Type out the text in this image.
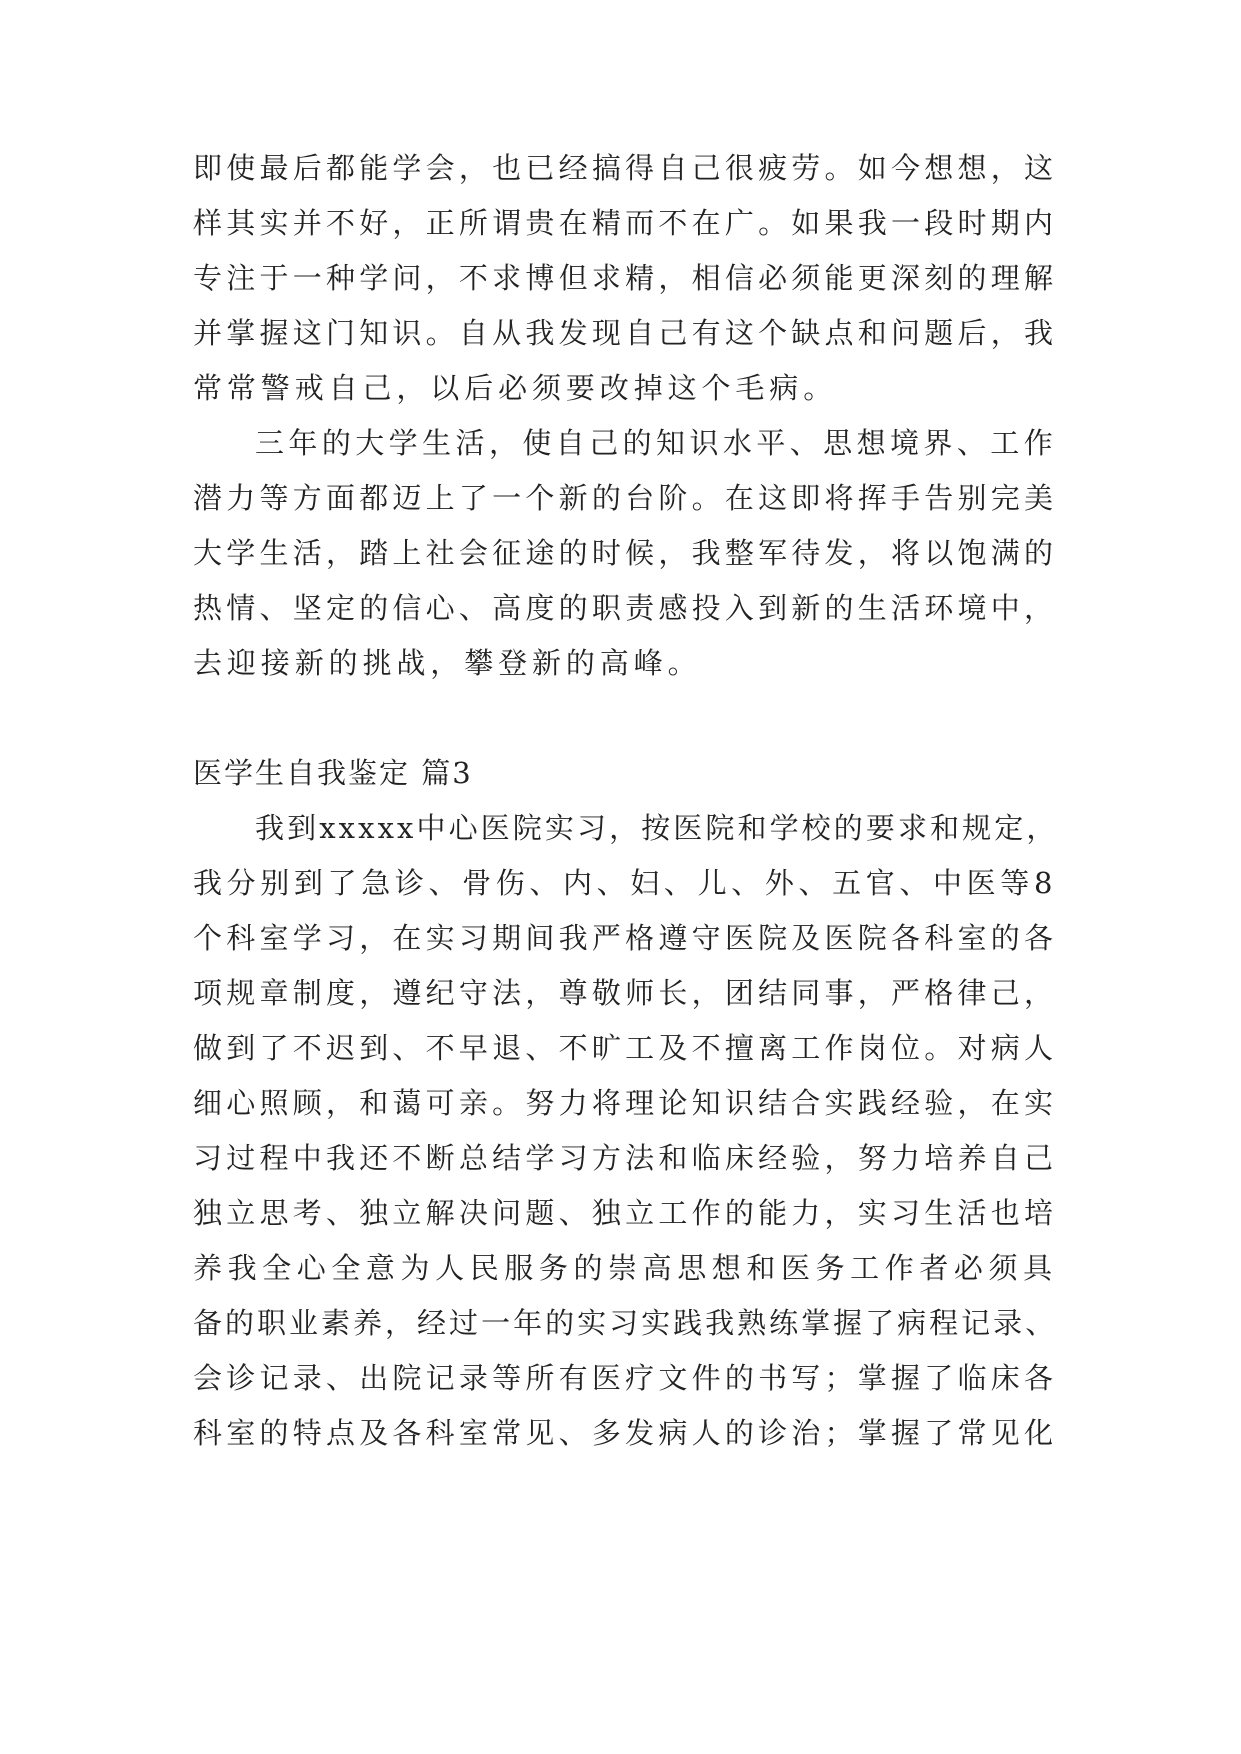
即使最后都能学会，也已经搞得自己很疲劳。如今想想，这
样其实并不好，正所谓贵在精而不在广。如果我一段时期内
专注于一种学问，不求博但求精，相信必须能更深刻的理解
并掌握这门知识。自从我发现自己有这个缺点和问题后，我
常常警戒自己，以后必须要改掉这个毛病。
三年的大学生活，使自己的知识水平、思想境界、工作
潜力等方面都迈上了一个新的台阶。在这即将挥手告别完美
大学生活，踏上社会征途的时候，我整军待发，将以饱满的
热情、坚定的信心、高度的职责感投入到新的生活环境中，
去迎接新的挑战，攀登新的高峰。
医学生自我鉴定 篇3
我到xxxxx中心医院实习，按医院和学校的要求和规定，
我分别到了急诊、骨伤、内、妇、儿、外、五官、中医等8
个科室学习，在实习期间我严格遵守医院及医院各科室的各
项规章制度，遵纪守法，尊敬师长，团结同事，严格律己，
做到了不迟到、不早退、不旷工及不擅离工作岗位。对病人
细心照顾，和蔼可亲。努力将理论知识结合实践经验，在实
习过程中我还不断总结学习方法和临床经验，努力培养自己
独立思考、独立解决问题、独立工作的能力，实习生活也培
养我全心全意为人民服务的崇高思想和医务工作者必须具
备的职业素养，经过一年的实习实践我熟练掌握了病程记录、
会诊记录、出院记录等所有医疗文件的书写；掌握了临床各
科室的特点及各科室常见、多发病人的诊治；掌握了常见化
